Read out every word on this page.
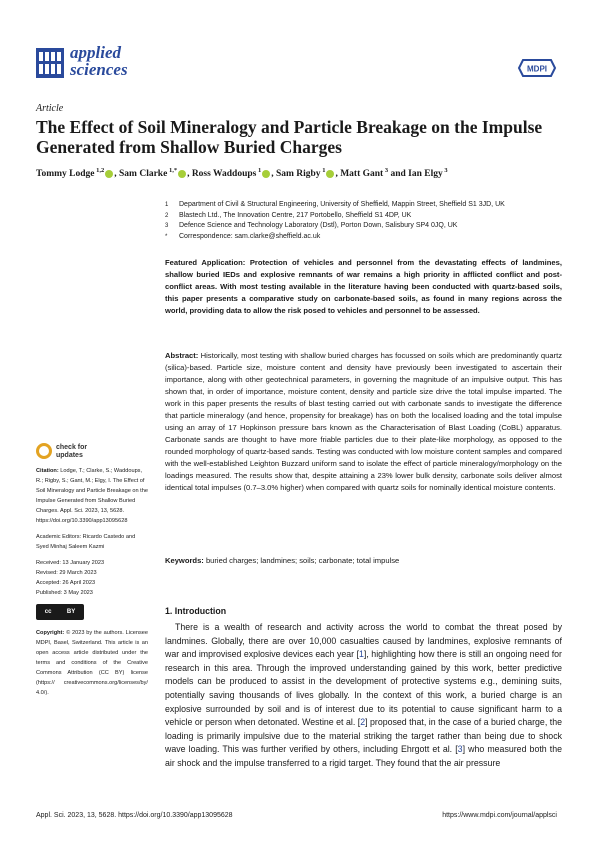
applied
sciences	MDPI
Article
The Effect of Soil Mineralogy and Particle Breakage on the Impulse Generated from Shallow Buried Charges
Tommy Lodge $^{1,2}$ , Sam Clarke $^{1,*}$ , Ross Waddoups $^1$ , Sam Rigby $^1$ , Matt Gant $^3$ and Ian Elgy $^3$
1	Department of Civil & Structural Engineering, University of Sheffield, Mappin Street, Sheffield S1 3JD, UK
2	Blastech Ltd., The Innovation Centre, 217 Portobello, Sheffield S1 4DP, UK
3	Defence Science and Technology Laboratory (Dstl), Porton Down, Salisbury SP4 0JQ, UK
*	Correspondence: sam.clarke@sheffield.ac.uk
Featured Application: Protection of vehicles and personnel from the devastating effects of landmines, shallow buried IEDs and explosive remnants of war remains a high priority in afflicted conflict and post-conflict areas. With most testing available in the literature having been conducted with quartz-based soils, this paper presents a comparative study on carbonate-based soils, as found in many regions across the world, providing data to allow the risk posed to vehicles and personnel to be assessed.
Abstract: Historically, most testing with shallow buried charges has focussed on soils which are predominantly quartz (silica)-based. Particle size, moisture content and density have previously been investigated to ascertain their importance, along with other geotechnical parameters, in governing the magnitude of an impulsive output. This has shown that, in order of importance, moisture content, density and particle size drive the total impulse imparted. The work in this paper presents the results of blast testing carried out with carbonate sands to investigate the difference that particle mineralogy (and hence, propensity for breakage) has on both the localised loading and the total impulse using an array of 17 Hopkinson pressure bars known as the Characterisation of Blast Loading (CoBL) apparatus. Carbonate sands are thought to have more friable particles due to their plate-like morphology, as opposed to the rounded morphology of quartz-based sands. Testing was conducted with low moisture content samples and compared with the well-established Leighton Buzzard uniform sand to isolate the effect of particle mineralogy/morphology on the loadings measured. The results show that, despite attaining a 23% lower bulk density, carbonate soils deliver almost identical total impulses (0.7–3.0% higher) when compared with quartz soils for nominally identical moisture contents.
Keywords: buried charges; landmines; soils; carbonate; total impulse
check for
updates
Citation: Lodge, T.; Clarke, S.; Waddoups, R.; Rigby, S.; Gant, M.; Elgy, I. The Effect of Soil Mineralogy and Particle Breakage on the Impulse Generated from Shallow Buried Charges. Appl. Sci. 2023, 13, 5628. https://doi.org/10.3390/app13095628
Academic Editors: Ricardo Castedo and Syed Minhaj Saleem Kazmi
Received: 13 January 2023
Revised: 29 March 2023
Accepted: 26 April 2023
Published: 3 May 2023
cc	BY
Copyright: © 2023 by the authors. Licensee MDPI, Basel, Switzerland. This article is an open access article distributed under the terms and conditions of the Creative Commons Attribution (CC BY) license (https:// creativecommons.org/licenses/by/ 4.0/).
1. Introduction
There is a wealth of research and activity across the world to combat the threat posed by landmines. Globally, there are over 10,000 casualties caused by landmines, explosive remnants of war and improvised explosive devices each year [1], highlighting how there is still an ongoing need for research in this area. Through the improved understanding gained by this work, better predictive models can be produced to assist in the development of protective systems e.g., demining suits, potentially saving thousands of lives globally. In the context of this work, a buried charge is an explosive surrounded by soil and is of interest due to its potential to cause significant harm to a vehicle or person when detonated. Westine et al. [2] proposed that, in the case of a buried charge, the loading is primarily impulsive due to the material striking the target rather than being due to shock wave loading. This was further verified by others, including Ehrgott et al. [3] who measured both the air shock and the impulse transferred to a rigid target. They found that the air pressure
Appl. Sci. 2023, 13, 5628. https://doi.org/10.3390/app13095628	https://www.mdpi.com/journal/applsci
